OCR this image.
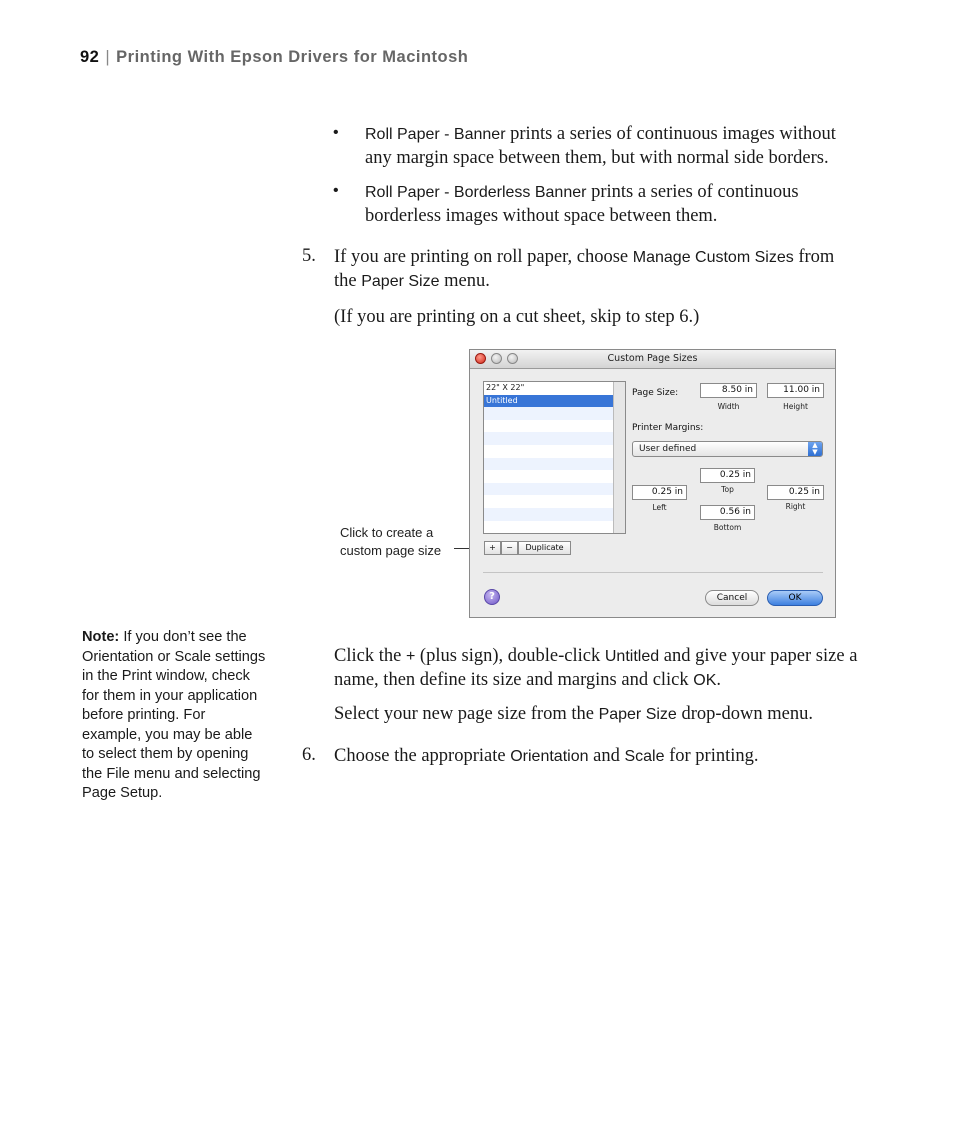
92 | Printing With Epson Drivers for Macintosh
• Roll Paper - Banner prints a series of continuous images without
any margin space between them, but with normal side borders.
• Roll Paper - Borderless Banner prints a series of continuous
borderless images without space between them.
5. If you are printing on roll paper, choose Manage Custom Sizes from
the Paper Size menu.
(If you are printing on a cut sheet, skip to step 6.)
Click to create a
custom page size
Custom Page Sizes
22" X 22"
Untitled
Page Size:	8.50 in
Width
11.00 in
Height
Printer Margins:
User defined	▲
▼
0.25 in
Top
0.25 in
Left
0.25 in
Right
0.56 in
Bottom
+	−	Duplicate
?	Cancel	OK
Note: If you don’t see the Orientation or Scale settings in the Print window, check for them in your application before printing. For example, you may be able to select them by opening the File menu and selecting Page Setup.
Click the + (plus sign), double-click Untitled and give your paper size a
name, then define its size and margins and click OK.
Select your new page size from the Paper Size drop-down menu.
6. Choose the appropriate Orientation and Scale for printing.
